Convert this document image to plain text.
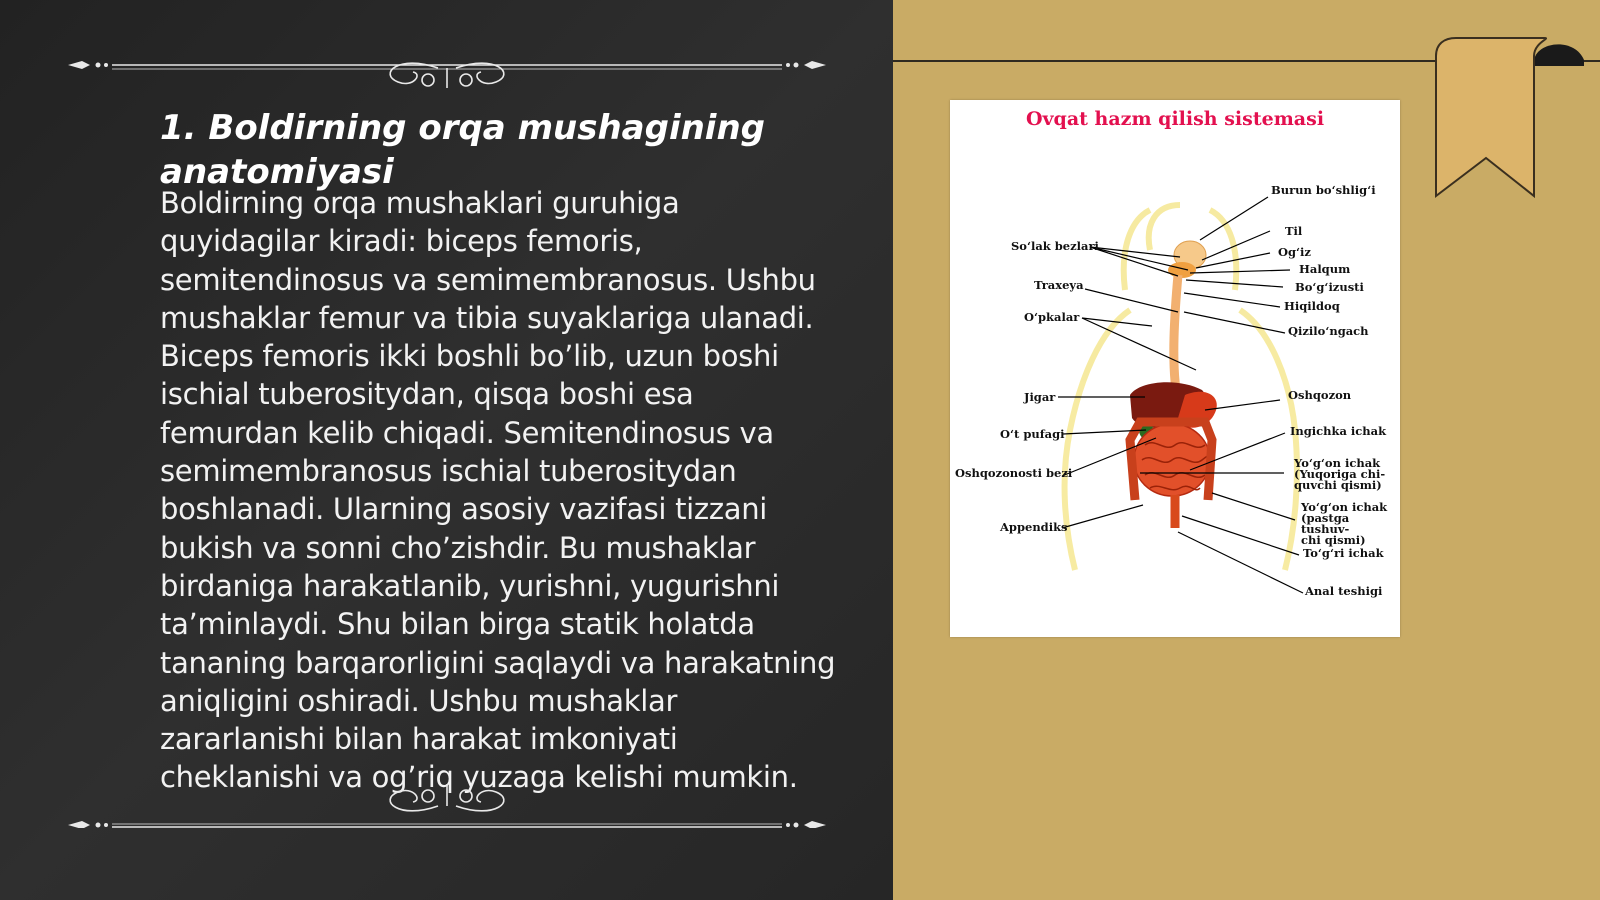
1. Boldirning orqa mushagining anatomiyasi

Boldirning orqa mushaklari guruhiga quyidagilar kiradi: biceps femoris, semitendinosus va semimembranosus. Ushbu mushaklar femur va tibia suyaklariga ulanadi. Biceps femoris ikki boshli bo’lib, uzun boshi ischial tuberositydan, qisqa boshi esa femurdan kelib chiqadi. Semitendinosus va semimembranosus ischial tuberositydan boshlanadi. Ularning asosiy vazifasi tizzani bukish va sonni cho’zishdir. Bu mushaklar birdaniga harakatlanib, yurishni, yugurishni ta’minlaydi. Shu bilan birga statik holatda tananing barqarorligini saqlaydi va harakatning aniqligini oshiradi. Ushbu mushaklar zararlanishi bilan harakat imkoniyati cheklanishi va og’riq yuzaga kelishi mumkin.

Ovqat hazm qilish sistemasi
Burun bo‘shlig‘i
So‘lak bezlari
Til
Og‘iz
Halqum
Traxeya	Bo‘g‘izusti
Hiqildoq
O‘pkalar
Qizilo‘ngach
Jigar	Oshqozon
O‘t pufagi	Ingichka ichak
Oshqozonosti bezi
Yo‘g‘on ichak
(Yuqoriga chi-
quvchi qismi)
Yo‘g‘on ichak
(pastga tushuv-
chi qismi)
Appendiks
To‘g‘ri ichak
Anal teshigi
